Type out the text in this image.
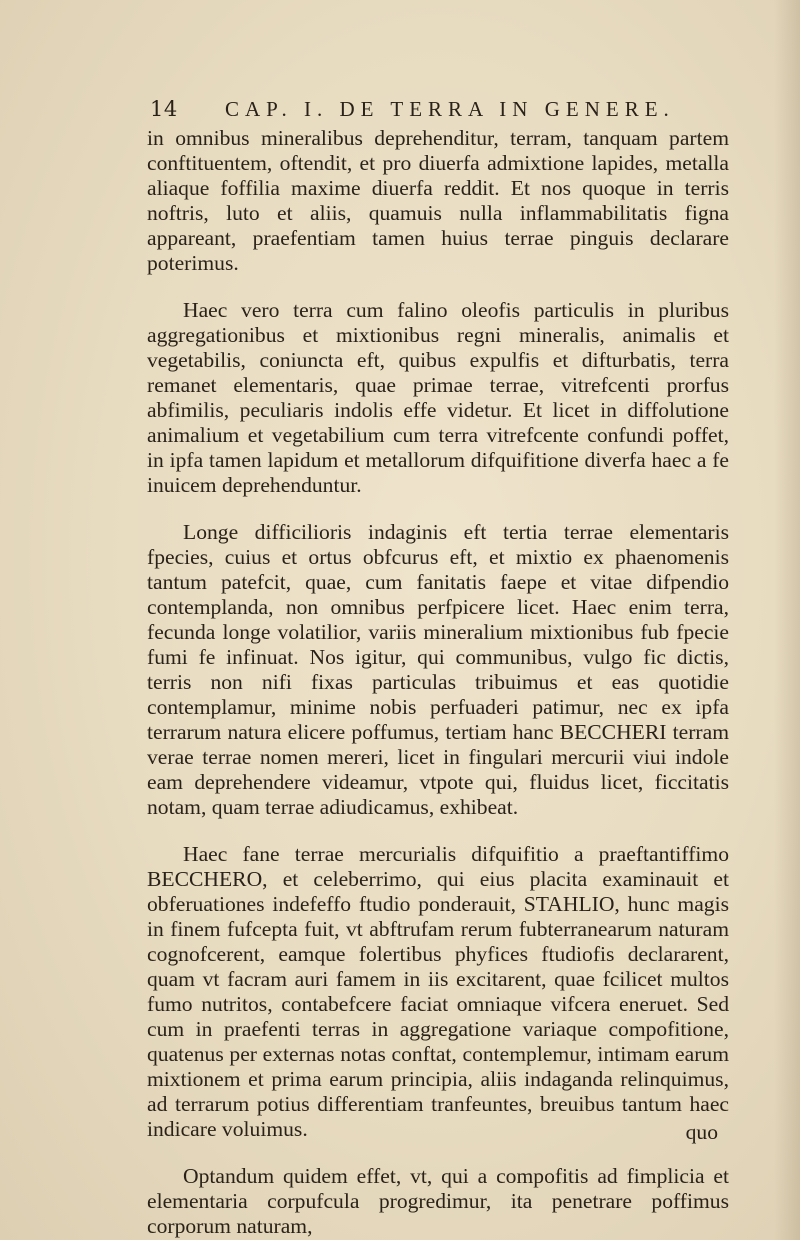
14 CAP. I. DE TERRA IN GENERE.

in omnibus mineralibus deprehenditur, terram, tanquam partem conftituentem, oftendit, et pro diuerfa admixtione lapides, metalla aliaque foffilia maxime diuerfa reddit. Et nos quoque in terris noftris, luto et aliis, quamuis nulla inflammabilitatis figna appareant, praefentiam tamen huius terrae pinguis declarare poterimus.

Haec vero terra cum falino oleofis particulis in pluribus aggregationibus et mixtionibus regni mineralis, animalis et vegetabilis, coniuncta eft, quibus expulfis et difturbatis, terra remanet elementaris, quae primae terrae, vitrefcenti prorfus abfimilis, peculiaris indolis effe videtur. Et licet in diffolutione animalium et vegetabilium cum terra vitrefcente confundi poffet, in ipfa tamen lapidum et metallorum difquifitione diverfa haec a fe inuicem deprehenduntur.

Longe difficilioris indaginis eft tertia terrae elementaris fpecies, cuius et ortus obfcurus eft, et mixtio ex phaenomenis tantum patefcit, quae, cum fanitatis faepe et vitae difpendio contemplanda, non omnibus perfpicere licet. Haec enim terra, fecunda longe volatilior, variis mineralium mixtionibus fub fpecie fumi fe infinuat. Nos igitur, qui communibus, vulgo fic dictis, terris non nifi fixas particulas tribuimus et eas quotidie contemplamur, minime nobis perfuaderi patimur, nec ex ipfa terrarum natura elicere poffumus, tertiam hanc BECCHERI terram verae terrae nomen mereri, licet in fingulari mercurii viui indole eam deprehendere videamur, vtpote qui, fluidus licet, ficcitatis notam, quam terrae adiudicamus, exhibeat.

Haec fane terrae mercurialis difquifitio a praeftantiffimo BECCHERO, et celeberrimo, qui eius placita examinauit et obferuationes indefeffo ftudio ponderauit, STAHLIO, hunc magis in finem fufcepta fuit, vt abftrufam rerum fubterranearum naturam cognofcerent, eamque folertibus phyfices ftudiofis declararent, quam vt facram auri famem in iis excitarent, quae fcilicet multos fumo nutritos, contabefcere faciat omniaque vifcera eneruet. Sed cum in praefenti terras in aggregatione variaque compofitione, quatenus per externas notas conftat, contemplemur, intimam earum mixtionem et prima earum principia, aliis indaganda relinquimus, ad terrarum potius differentiam tranfeuntes, breuibus tantum haec indicare voluimus.

Optandum quidem effet, vt, qui a compofitis ad fimplicia et elementaria corpufcula progredimur, ita penetrare poffimus corporum naturam,

quo
